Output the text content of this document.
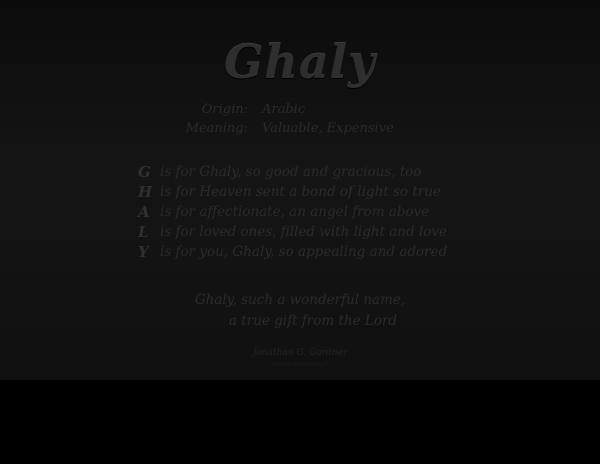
Ghaly
Origin:	Arabic
Meaning:	Valuable, Expensive
G is for Ghaly, so good and gracious, too
H is for Heaven sent a bond of light so true
A is for affectionate, an angel from above
L is for loved ones, filled with light and love
Y is for you, Ghaly, so appealing and adored
Ghaly, such a wonderful name,
a true gift from the Lord
Jonathan G. Gardner
name-meanings
